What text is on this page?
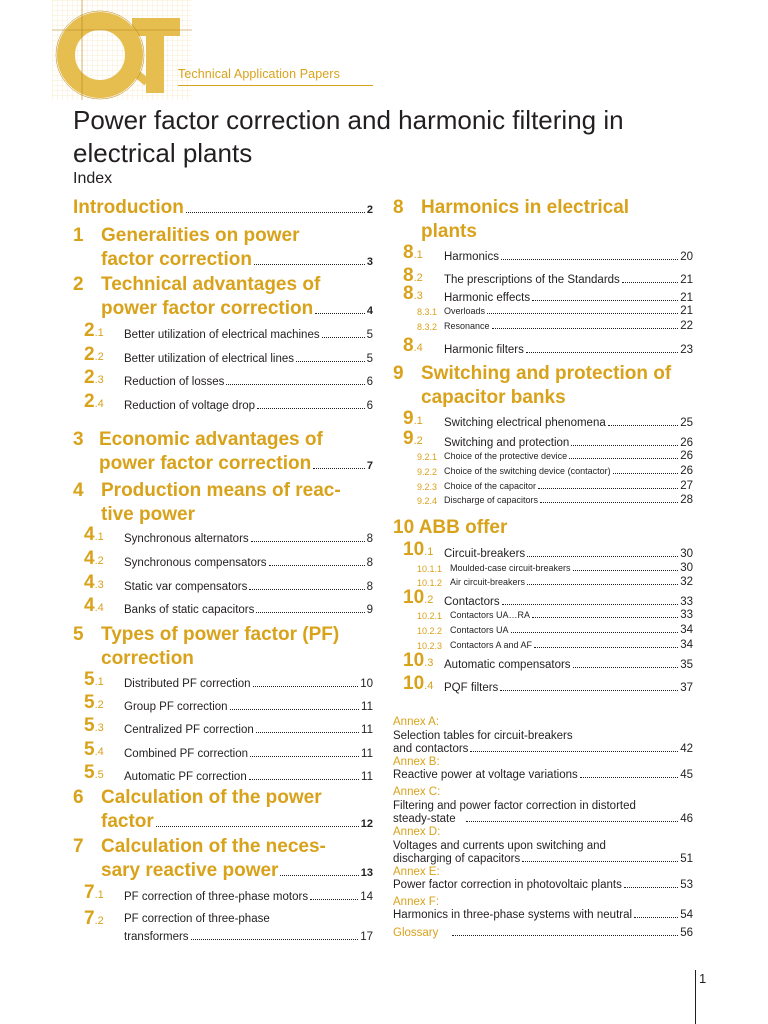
Technical Application Papers
Power factor correction and harmonic filtering in electrical plants
Index
Introduction	2
1 Generalities on power
factor correction	3
2 Technical advantages of
power factor correction	4
2.1 Better utilization of electrical machines	5
2.2 Better utilization of electrical lines	5
2.3 Reduction of losses	6
2.4 Reduction of voltage drop	6
3 Economic advantages of
power factor correction	7
4 Production means of reac-
tive power
4.1 Synchronous alternators	8
4.2 Synchronous compensators	8
4.3 Static var compensators	8
4.4 Banks of static capacitors	9
5 Types of power factor (PF)
correction
5.1 Distributed PF correction	10
5.2 Group PF correction	11
5.3 Centralized PF correction	11
5.4 Combined PF correction	11
5.5 Automatic PF correction	11
6 Calculation of the power
factor	12
7 Calculation of the neces-
sary reactive power	13
7.1 PF correction of three-phase motors	14
7.2 PF correction of three-phase
transformers	17
8 Harmonics in electrical
plants
8.1 Harmonics	20
8.2 The prescriptions of the Standards	21
8.3 Harmonic effects	21
8.3.1 Overloads	21
8.3.2 Resonance	22
8.4 Harmonic filters	23
9 Switching and protection of
capacitor banks
9.1 Switching electrical phenomena	25
9.2 Switching and protection	26
9.2.1 Choice of the protective device	26
9.2.2 Choice of the switching device (contactor)	26
9.2.3 Choice of the capacitor	27
9.2.4 Discharge of capacitors	28
10 ABB offer
10.1 Circuit-breakers	30
10.1.1 Moulded-case circuit-breakers	30
10.1.2 Air circuit-breakers	32
10.2 Contactors	33
10.2.1 Contactors UA…RA	33
10.2.2 Contactors UA	34
10.2.3 Contactors A and AF	34
10.3 Automatic compensators	35
10.4 PQF filters	37
Annex A:
Selection tables for circuit-breakers
and contactors	42
Annex B:
Reactive power at voltage variations	45
Annex C:
Filtering and power factor correction in distorted
steady-state	46
Annex D:
Voltages and currents upon switching and
discharging of capacitors	51
Annex E:
Power factor correction in photovoltaic plants	53
Annex F:
Harmonics in three-phase systems with neutral	54
Glossary	56
1
